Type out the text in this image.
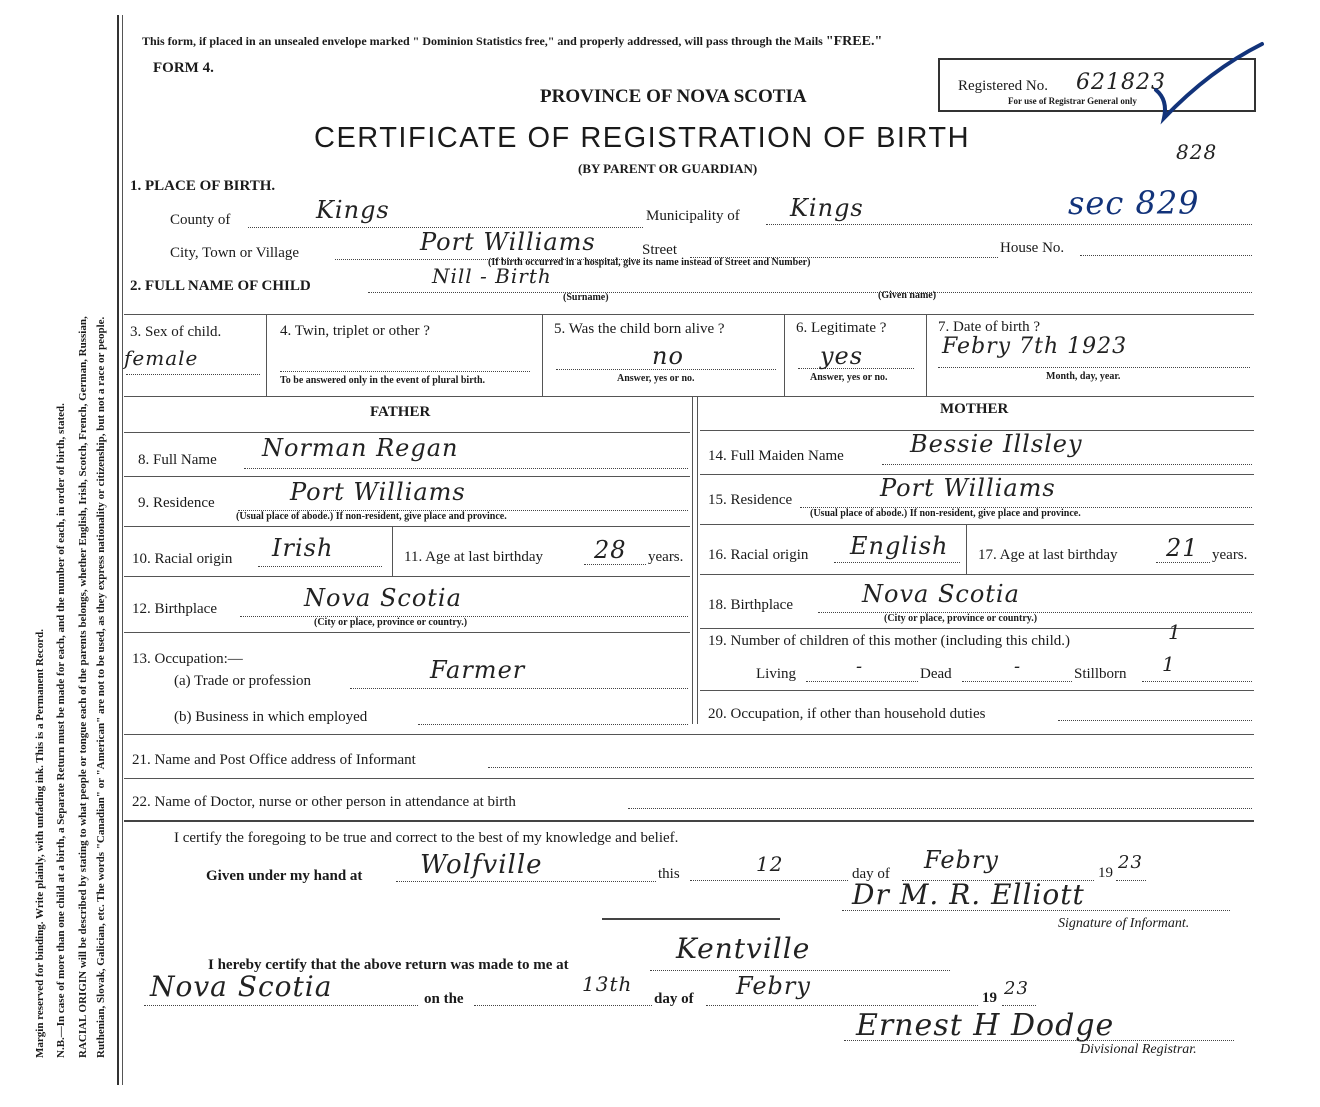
Margin reserved for binding. Write plainly, with unfading ink. This is a Permanent Record. N.B.—In case of more than one child at a birth, a Separate Return must be made for each, and the number of each, in order of birth, stated. RACIAL ORIGIN will be described by stating to what people or tongue each of the parents belongs, whether English, Irish, Scotch, French, German, Russian, Ruthenian, Slovak, Galician, etc. The words "Canadian" or "American" are not to be used, as they express nationality or citizenship, but not a race or people.
This form, if placed in an unsealed envelope marked " Dominion Statistics free," and properly addressed, will pass through the Mails "FREE."
FORM 4.
PROVINCE OF NOVA SCOTIA
CERTIFICATE OF REGISTRATION OF BIRTH
(BY PARENT OR GUARDIAN)
Registered No. 621823
For use of Registrar General only
828
sec 829
1. PLACE OF BIRTH.
County of	Kings	Municipality of Kings
City, Town or Village	Port Williams	Street	House No.
(If birth occurred in a hospital, give its name instead of Street and Number)
2. FULL NAME OF CHILD	Nill - Birth
(Surname)	(Given name)
3. Sex of child.
female
4. Twin, triplet or other ?
To be answered only in the event of plural birth.
5. Was the child born alive ?
no
Answer, yes or no.
6. Legitimate ?
yes
Answer, yes or no.
7. Date of birth ?
Febry 7th 1923
Month, day, year.
FATHER	MOTHER
8. Full Name Norman Regan
9. Residence	Port Williams
(Usual place of abode.) If non-resident, give place and province.
10. Racial origin Irish	11. Age at last birthday 28 years.
12. Birthplace	Nova Scotia
(City or place, province or country.)
13. Occupation:—
(a) Trade or profession	Farmer
(b) Business in which employed
14. Full Maiden Name	Bessie Illsley
15. Residence	Port Williams
(Usual place of abode.) If non-resident, give place and province.
16. Racial origin English 17. Age at last birthday 21 years.
18. Birthplace	Nova Scotia
(City or place, province or country.)
19. Number of children of this mother (including this child.)	1
Living	-	Dead	-	Stillborn 1
20. Occupation, if other than household duties
21. Name and Post Office address of Informant
22. Name of Doctor, nurse or other person in attendance at birth
I certify the foregoing to be true and correct to the best of my knowledge and belief.
Given under my hand at Wolfville	this	12	day of Febry	19 23
Dr M. R. Elliott
Signature of Informant.
I hereby certify that the above return was made to me at	Kentville
Nova Scotia	on the
13th
day of Febry	19 23
Ernest H Dodge
Divisional Registrar.
